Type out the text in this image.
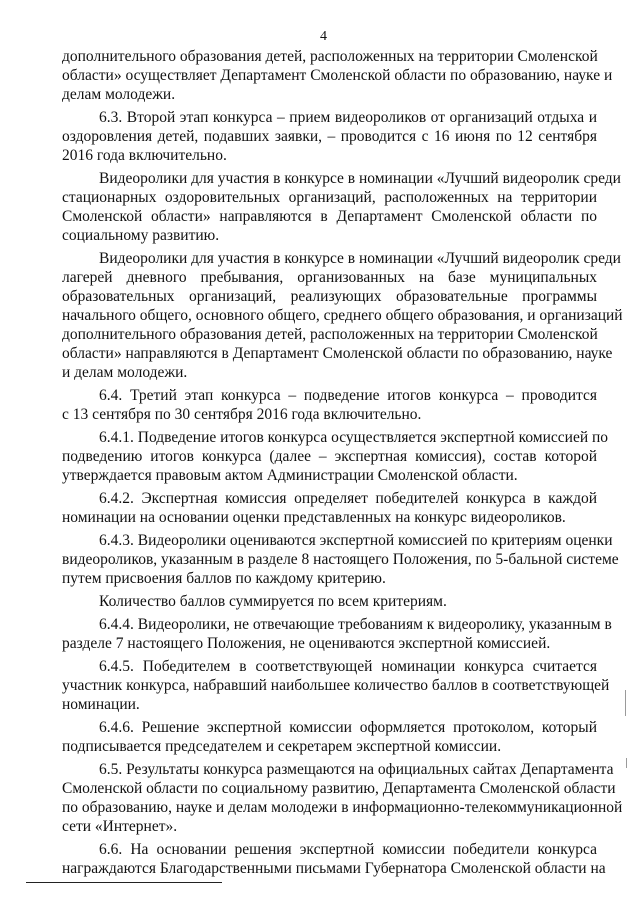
4
дополнительного образования детей, расположенных на территории Смоленской
области» осуществляет Департамент Смоленской области по образованию, науке и
делам молодежи.
6.3. Второй этап конкурса – прием видеороликов от организаций отдыха и
оздоровления детей, подавших заявки, – проводится с 16 июня по 12 сентября
2016 года включительно.
Видеоролики для участия в конкурсе в номинации «Лучший видеоролик среди
стационарных оздоровительных организаций, расположенных на территории
Смоленской области» направляются в Департамент Смоленской области по
социальному развитию.
Видеоролики для участия в конкурсе в номинации «Лучший видеоролик среди
лагерей дневного пребывания, организованных на базе муниципальных
образовательных организаций, реализующих образовательные программы
начального общего, основного общего, среднего общего образования, и организаций
дополнительного образования детей, расположенных на территории Смоленской
области» направляются в Департамент Смоленской области по образованию, науке
и делам молодежи.
6.4. Третий этап конкурса – подведение итогов конкурса – проводится
с 13 сентября по 30 сентября 2016 года включительно.
6.4.1. Подведение итогов конкурса осуществляется экспертной комиссией по
подведению итогов конкурса (далее – экспертная комиссия), состав которой
утверждается правовым актом Администрации Смоленской области.
6.4.2. Экспертная комиссия определяет победителей конкурса в каждой
номинации на основании оценки представленных на конкурс видеороликов.
6.4.3. Видеоролики оцениваются экспертной комиссией по критериям оценки
видеороликов, указанным в разделе 8 настоящего Положения, по 5-бальной системе
путем присвоения баллов по каждому критерию.
Количество баллов суммируется по всем критериям.
6.4.4. Видеоролики, не отвечающие требованиям к видеоролику, указанным в
разделе 7 настоящего Положения, не оцениваются экспертной комиссией.
6.4.5. Победителем в соответствующей номинации конкурса считается
участник конкурса, набравший наибольшее количество баллов в соответствующей
номинации.
6.4.6. Решение экспертной комиссии оформляется протоколом, который
подписывается председателем и секретарем экспертной комиссии.
6.5. Результаты конкурса размещаются на официальных сайтах Департамента
Смоленской области по социальному развитию, Департамента Смоленской области
по образованию, науке и делам молодежи в информационно-телекоммуникационной
сети «Интернет».
6.6. На основании решения экспертной комиссии победители конкурса
награждаются Благодарственными письмами Губернатора Смоленской области на
